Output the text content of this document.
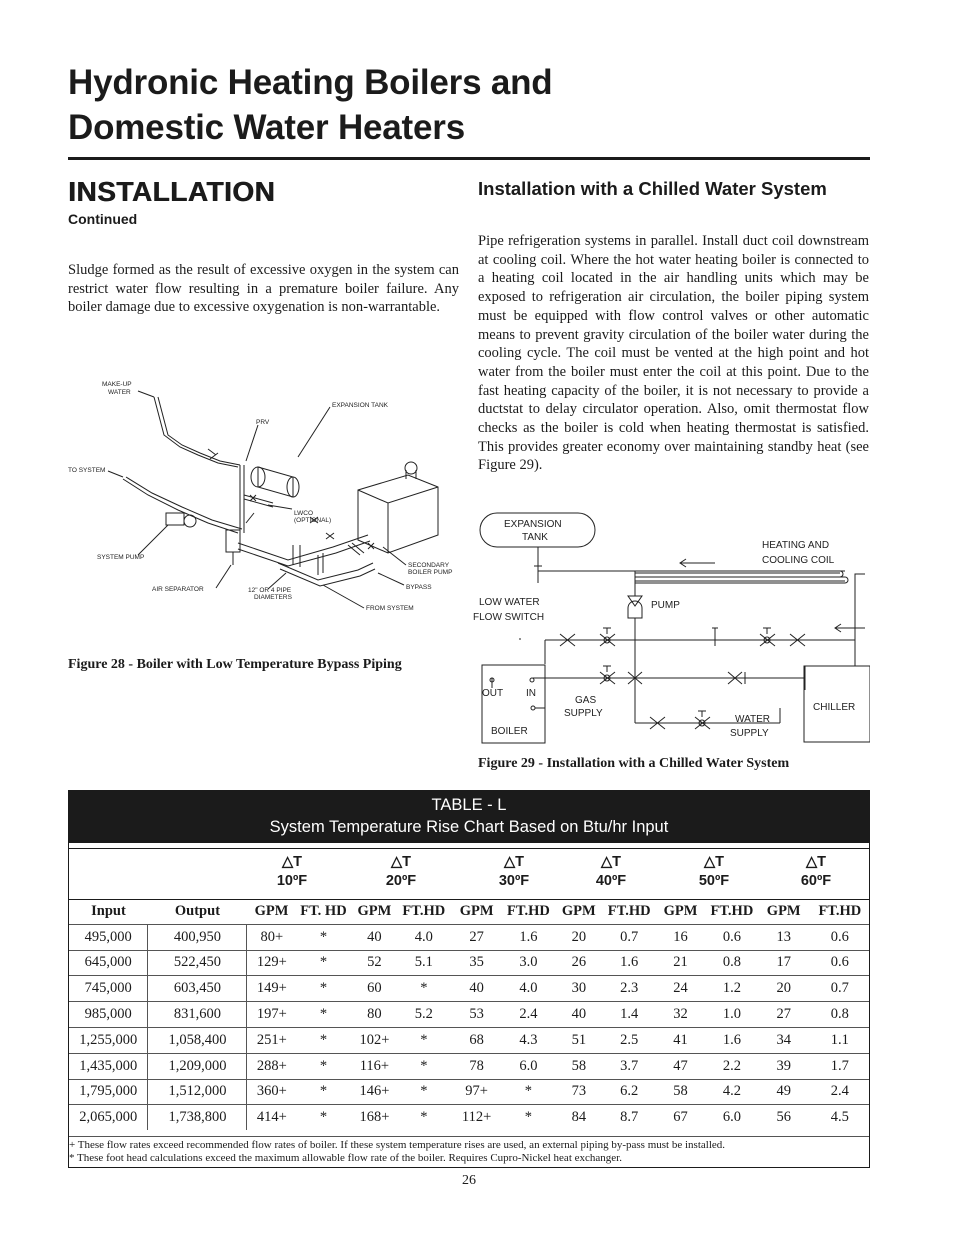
Hydronic Heating Boilers and
Domestic Water Heaters
INSTALLATION
Continued
Sludge formed as the result of excessive oxygen in the system can restrict water flow resulting in a premature boiler failure. Any boiler damage due to excessive oxygenation is non-warrantable.
Installation with a Chilled Water System
Pipe refrigeration systems in parallel. Install duct coil downstream at cooling coil. Where the hot water heating boiler is connected to a heating coil located in the air handling units which may be exposed to refrigeration air circulation, the boiler piping system must be equipped with flow control valves or other automatic means to prevent gravity circulation of the boiler water during the cooling cycle. The coil must be vented at the high point and hot water from the boiler must enter the coil at this point. Due to the fast heating capacity of the boiler, it is not necessary to provide a ductstat to delay circulator operation. Also, omit thermostat flow checks as the boiler is cold when heating thermostat is satisfied. This provides greater economy over maintaining standby heat (see Figure 29).
MAKE-UP
WATER
EXPANSION TANK
PRV
TO SYSTEM
LWCO
(OPTIONAL)
SYSTEM PUMP
SECONDARY
BOILER PUMP
AIR SEPARATOR	12" OR 4 PIPE
DIAMETERS
BYPASS
FROM SYSTEM
Figure 28 - Boiler with Low Temperature Bypass Piping
EXPANSION
TANK
HEATING AND
COOLING COIL
LOW WATER
FLOW SWITCH
PUMP
OUT IN
GAS
SUPPLY
WATER
SUPPLY
BOILER
CHILLER
Figure 29 - Installation with a Chilled Water System
TABLE - L
System Temperature Rise Chart Based on Btu/hr Input
△T
10ºF
△T
20ºF
△T
30ºF
△T
40ºF
△T
50ºF
△T
60ºF
Input	Output	GPM	FT. HD	GPM	FT.HD	GPM	FT.HD	GPM	FT.HD	GPM	FT.HD	GPM	FT.HD
495,000	400,950	80+	*	40	4.0	27	1.6	20	0.7	16	0.6	13	0.6
645,000	522,450	129+	*	52	5.1	35	3.0	26	1.6	21	0.8	17	0.6
745,000	603,450	149+	*	60	*	40	4.0	30	2.3	24	1.2	20	0.7
985,000	831,600	197+	*	80	5.2	53	2.4	40	1.4	32	1.0	27	0.8
1,255,000	1,058,400	251+	*	102+	*	68	4.3	51	2.5	41	1.6	34	1.1
1,435,000	1,209,000	288+	*	116+	*	78	6.0	58	3.7	47	2.2	39	1.7
1,795,000	1,512,000	360+	*	146+	*	97+	*	73	6.2	58	4.2	49	2.4
2,065,000	1,738,800	414+	*	168+	*	112+	*	84	8.7	67	6.0	56	4.5
+ These flow rates exceed recommended flow rates of boiler. If these system temperature rises are used, an external piping by-pass must be installed.
* These foot head calculations exceed the maximum allowable flow rate of the boiler. Requires Cupro-Nickel heat exchanger.
26
